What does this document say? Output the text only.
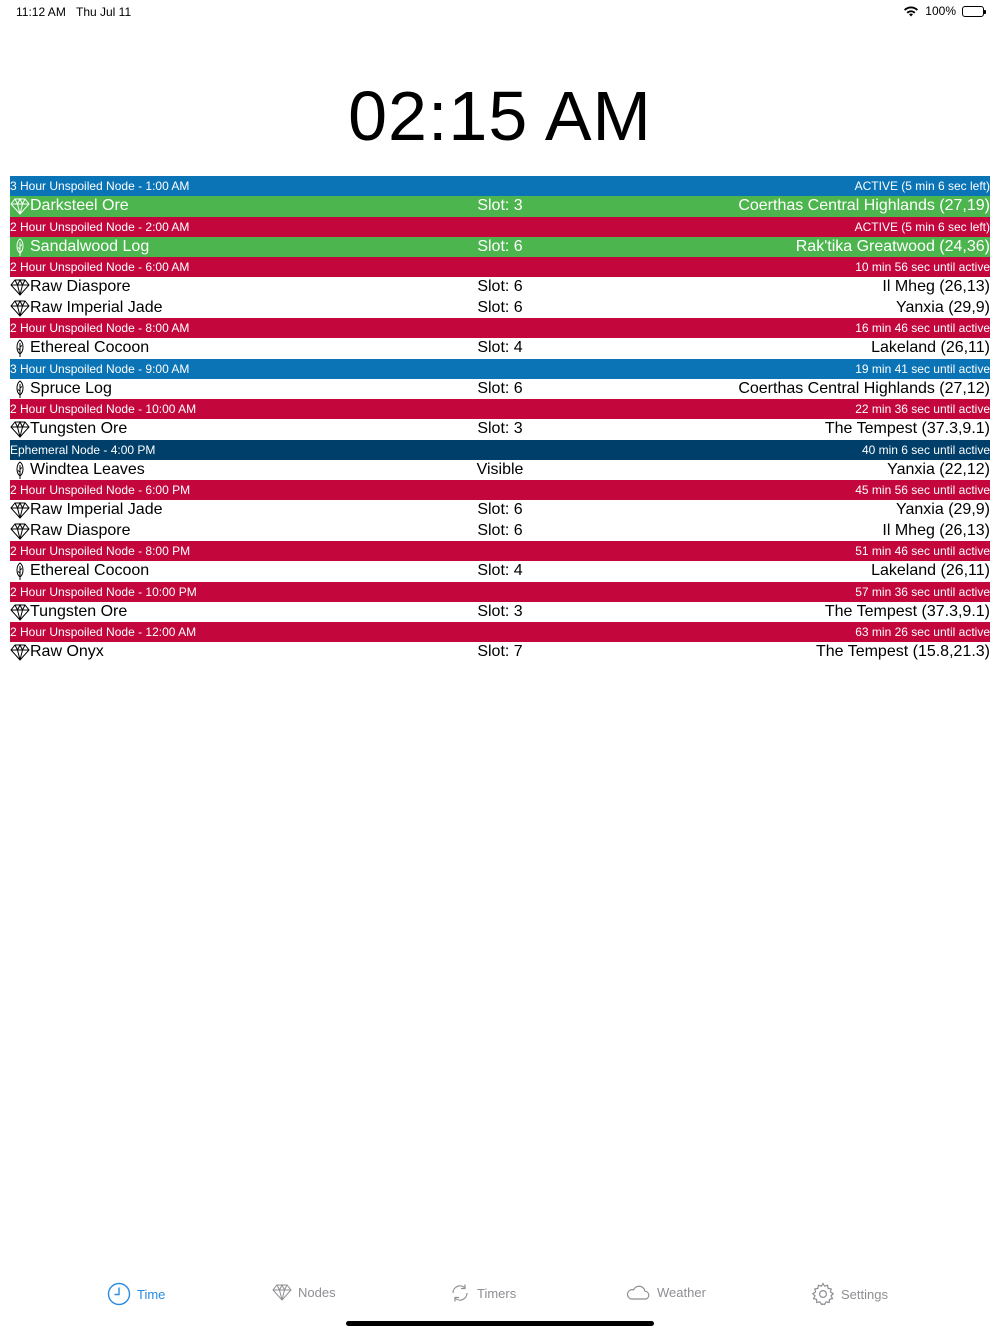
11:12 AM Thu Jul 11	100%
02:15 AM
3 Hour Unspoiled Node - 1:00 AM	ACTIVE (5 min 6 sec left)
Darksteel Ore	Slot: 3	Coerthas Central Highlands (27,19)
2 Hour Unspoiled Node - 2:00 AM	ACTIVE (5 min 6 sec left)
Sandalwood Log	Slot: 6	Rak'tika Greatwood (24,36)
2 Hour Unspoiled Node - 6:00 AM	10 min 56 sec until active
Raw Diaspore	Slot: 6	Il Mheg (26,13)
Raw Imperial Jade	Slot: 6	Yanxia (29,9)
2 Hour Unspoiled Node - 8:00 AM	16 min 46 sec until active
Ethereal Cocoon	Slot: 4	Lakeland (26,11)
3 Hour Unspoiled Node - 9:00 AM	19 min 41 sec until active
Spruce Log	Slot: 6	Coerthas Central Highlands (27,12)
2 Hour Unspoiled Node - 10:00 AM	22 min 36 sec until active
Tungsten Ore	Slot: 3	The Tempest (37.3,9.1)
Ephemeral Node - 4:00 PM	40 min 6 sec until active
Windtea Leaves	Visible	Yanxia (22,12)
2 Hour Unspoiled Node - 6:00 PM	45 min 56 sec until active
Raw Imperial Jade	Slot: 6	Yanxia (29,9)
Raw Diaspore	Slot: 6	Il Mheg (26,13)
2 Hour Unspoiled Node - 8:00 PM	51 min 46 sec until active
Ethereal Cocoon	Slot: 4	Lakeland (26,11)
2 Hour Unspoiled Node - 10:00 PM	57 min 36 sec until active
Tungsten Ore	Slot: 3	The Tempest (37.3,9.1)
2 Hour Unspoiled Node - 12:00 AM	63 min 26 sec until active
Raw Onyx	Slot: 7	The Tempest (15.8,21.3)
Time	Nodes	Timers	Weather	Settings
